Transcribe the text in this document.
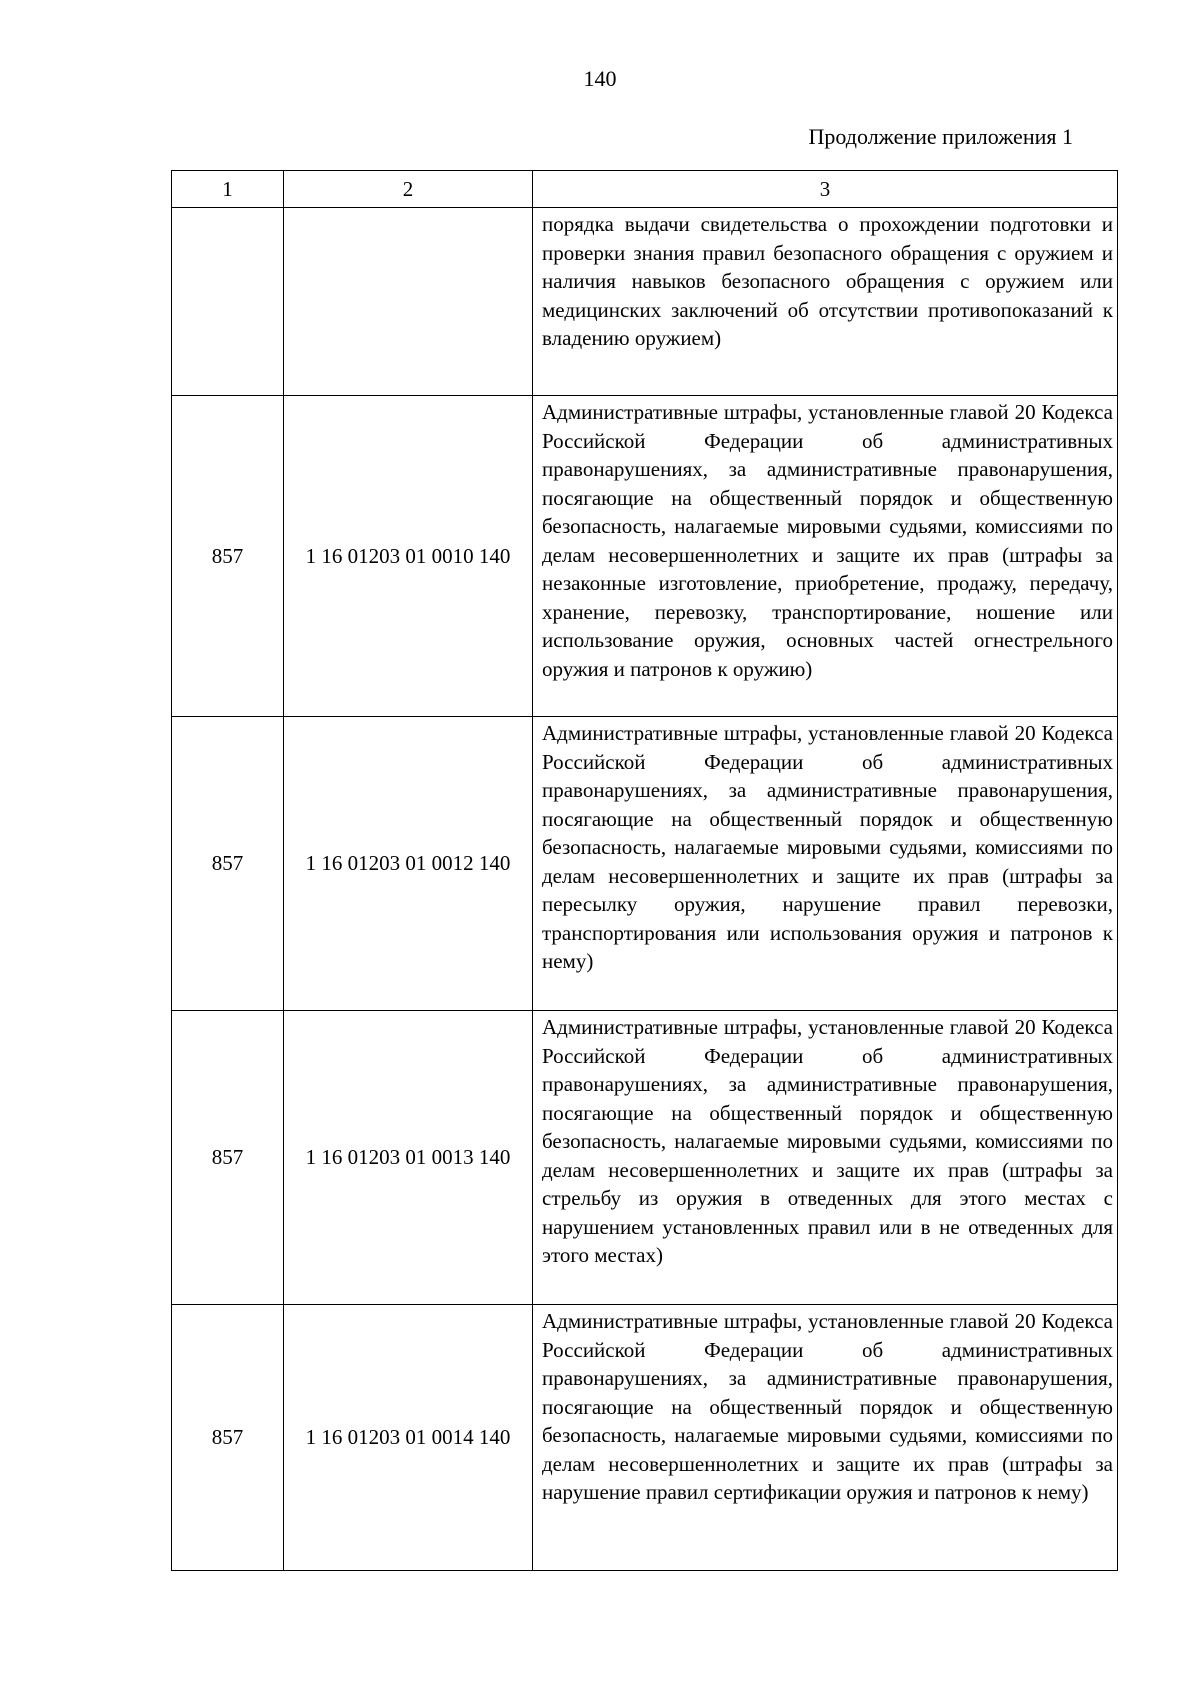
140
Продолжение приложения 1
1	2	3
		порядка выдачи свидетельства о прохождении подготовки и проверки знания правил безопасного обращения с оружием и наличия навыков безопасного обращения с оружием или медицинских заключений об отсутствии противопоказаний к владению оружием)
857	1 16 01203 01 0010 140	Административные штрафы, установленные главой 20 Кодекса Российской Федерации об административных правонарушениях, за административные правонарушения, посягающие на общественный порядок и общественную безопасность, налагаемые мировыми судьями, комиссиями по делам несовершеннолетних и защите их прав (штрафы за незаконные изготовление, приобретение, продажу, передачу, хранение, перевозку, транспортирование, ношение или использование оружия, основных частей огнестрельного оружия и патронов к оружию)
857	1 16 01203 01 0012 140	Административные штрафы, установленные главой 20 Кодекса Российской Федерации об административных правонарушениях, за административные правонарушения, посягающие на общественный порядок и общественную безопасность, налагаемые мировыми судьями, комиссиями по делам несовершеннолетних и защите их прав (штрафы за пересылку оружия, нарушение правил перевозки, транспортирования или использования оружия и патронов к нему)
857	1 16 01203 01 0013 140	Административные штрафы, установленные главой 20 Кодекса Российской Федерации об административных правонарушениях, за административные правонарушения, посягающие на общественный порядок и общественную безопасность, налагаемые мировыми судьями, комиссиями по делам несовершеннолетних и защите их прав (штрафы за стрельбу из оружия в отведенных для этого местах с нарушением установленных правил или в не отведенных для этого местах)
857	1 16 01203 01 0014 140	Административные штрафы, установленные главой 20 Кодекса Российской Федерации об административных правонарушениях, за административные правонарушения, посягающие на общественный порядок и общественную безопасность, налагаемые мировыми судьями, комиссиями по делам несовершеннолетних и защите их прав (штрафы за нарушение правил сертификации оружия и патронов к нему)
